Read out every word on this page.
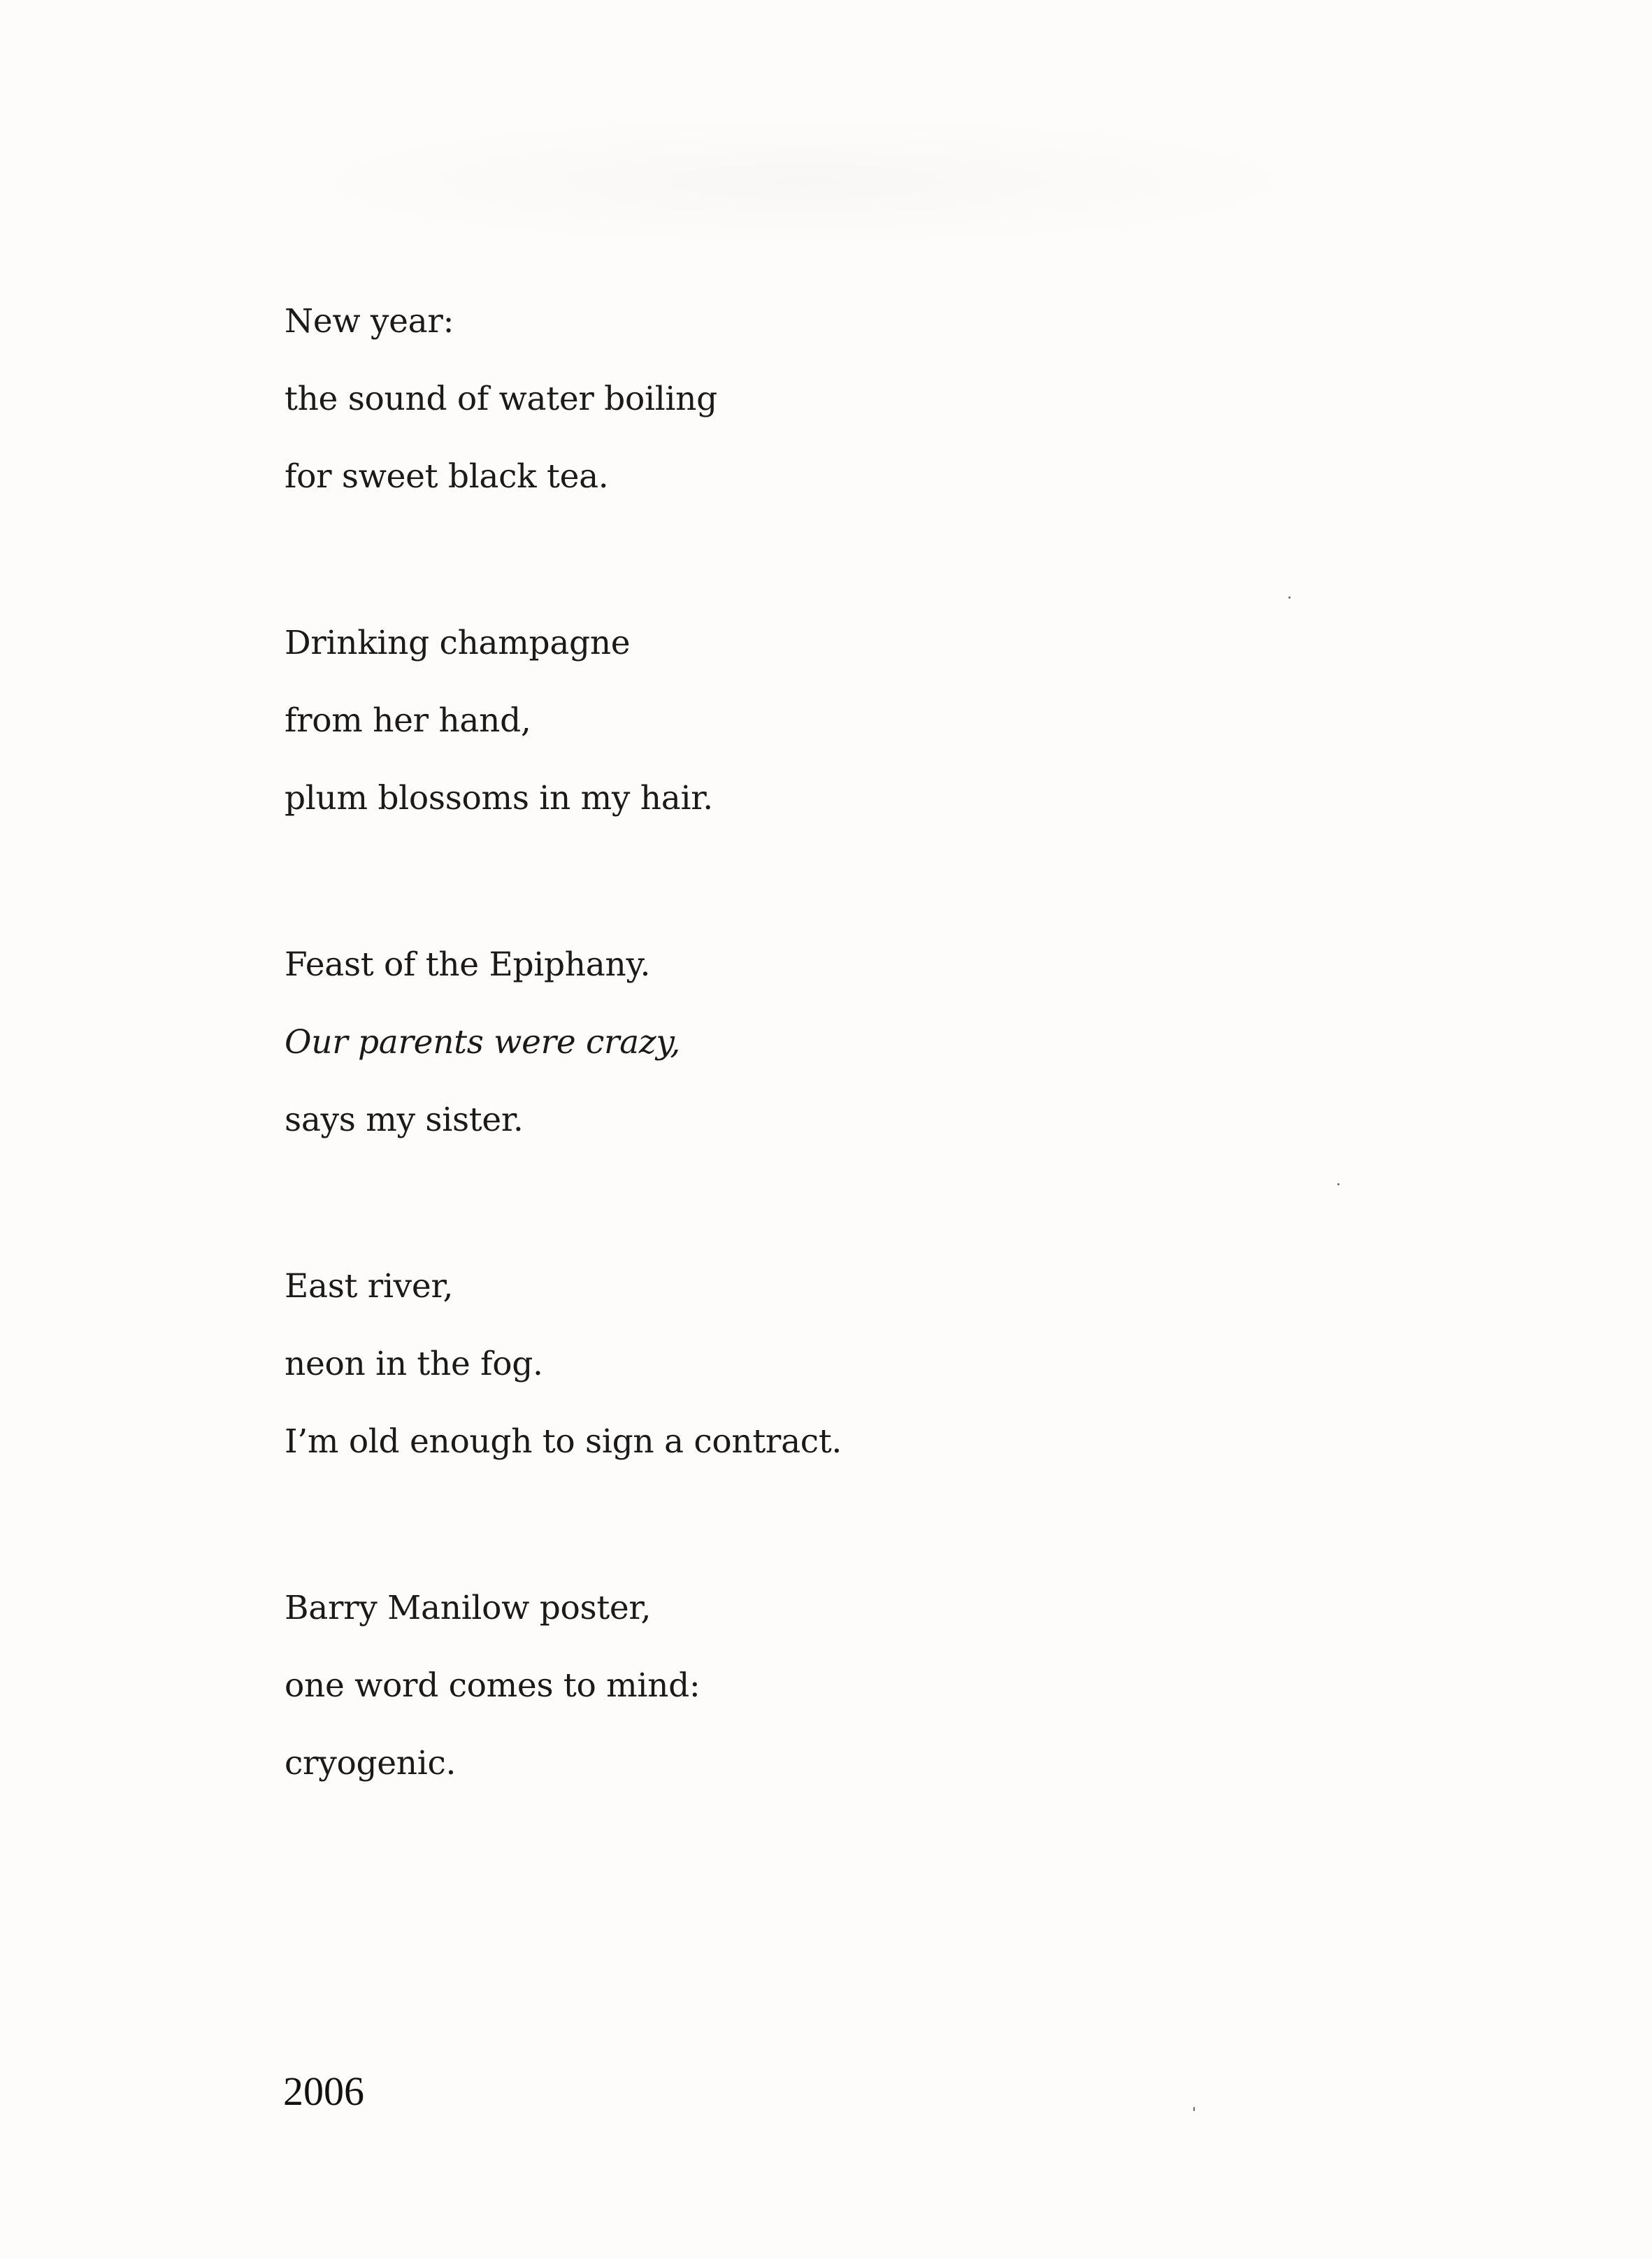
New year:
the sound of water boiling
for sweet black tea.
Drinking champagne
from her hand,
plum blossoms in my hair.
Feast of the Epiphany.
Our parents were crazy,
says my sister.
East river,
neon in the fog.
I’m old enough to sign a contract.
Barry Manilow poster,
one word comes to mind:
cryogenic.
2006
